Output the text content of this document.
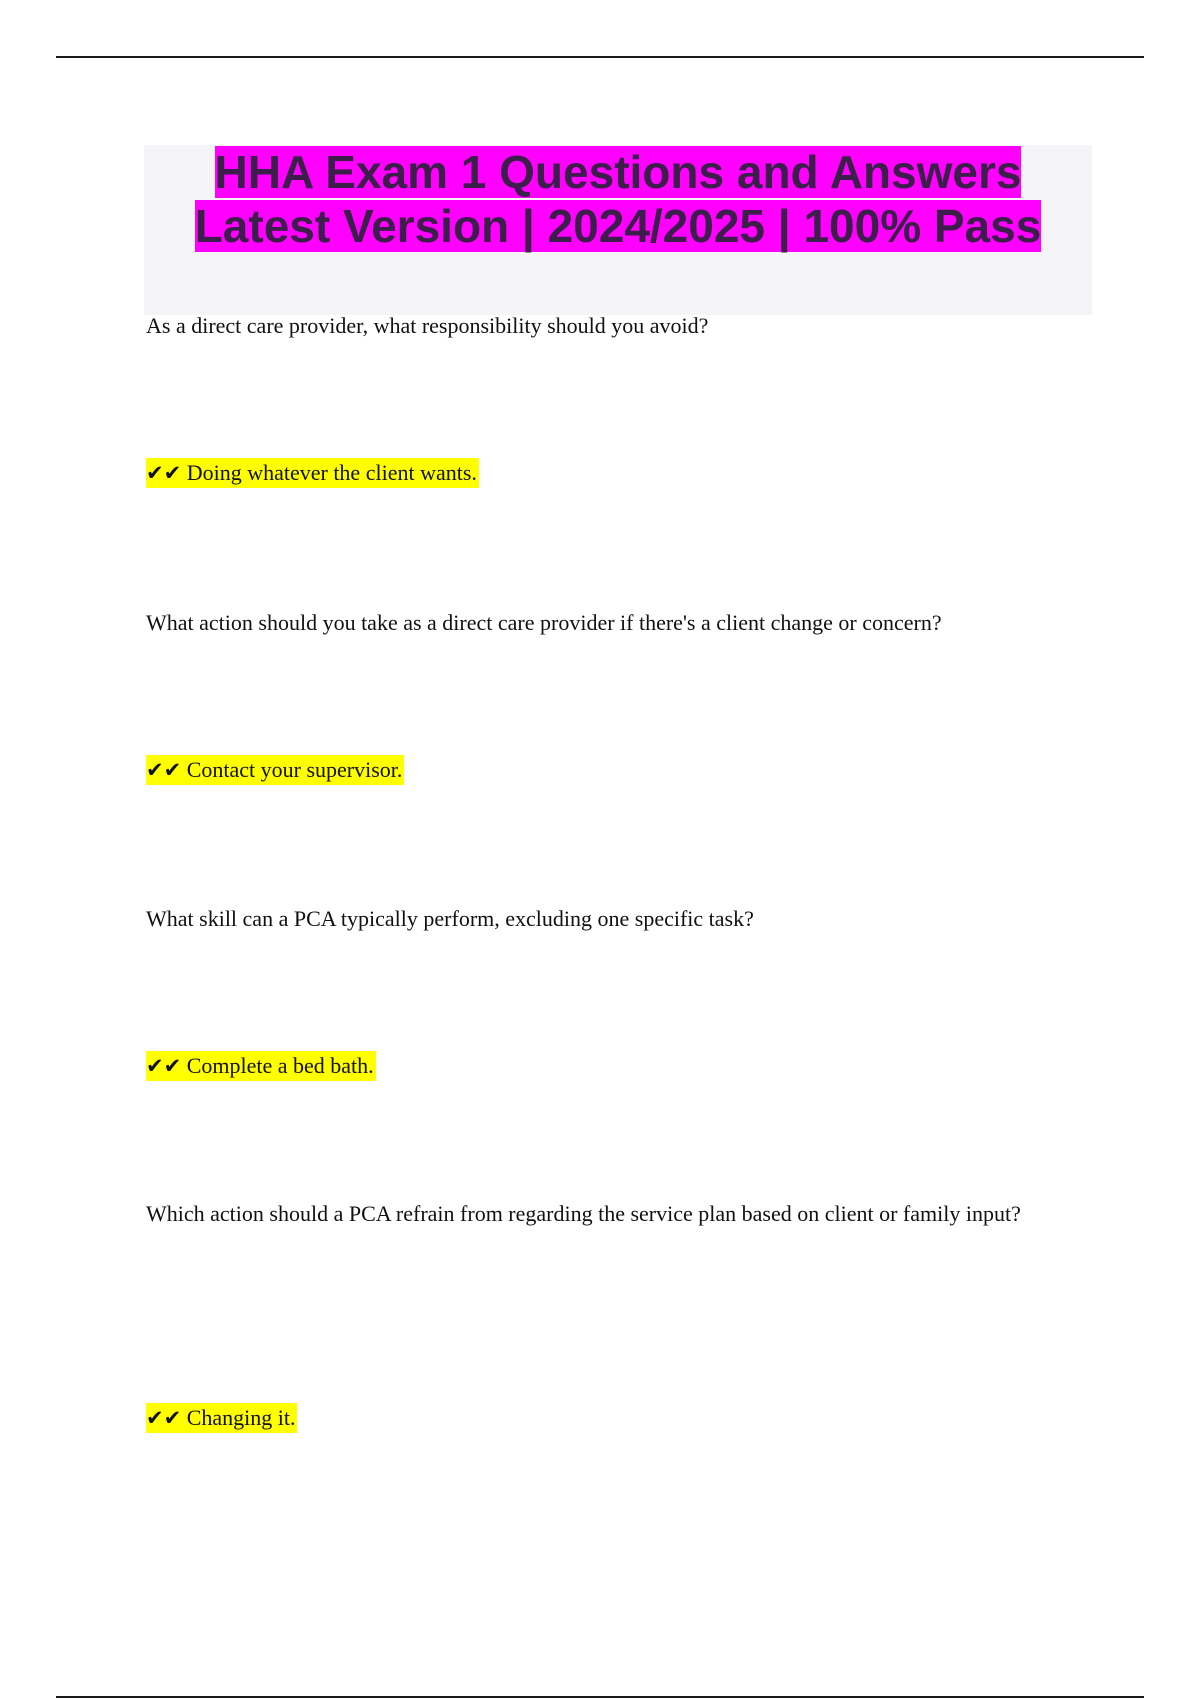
HHA Exam 1 Questions and Answers
Latest Version | 2024/2025 | 100% Pass
As a direct care provider, what responsibility should you avoid?
✔✔ Doing whatever the client wants.
What action should you take as a direct care provider if there's a client change or concern?
✔✔ Contact your supervisor.
What skill can a PCA typically perform, excluding one specific task?
✔✔ Complete a bed bath.
Which action should a PCA refrain from regarding the service plan based on client or family input?
✔✔ Changing it.
